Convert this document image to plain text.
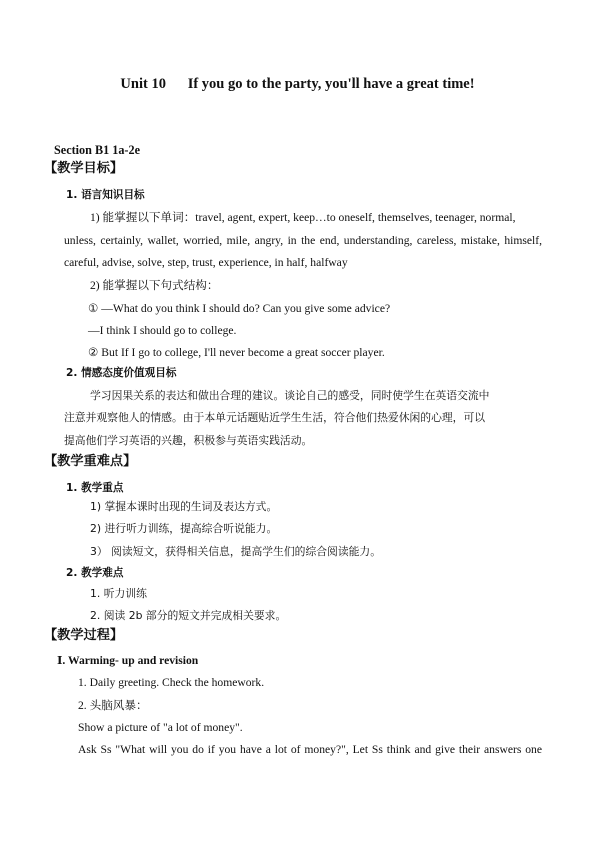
Unit 10      If you go to the party, you'll have a great time!
Section B1 1a-2e
【教学目标】
1. 语言知识目标
1) 能掌握以下单词：travel, agent, expert, keep…to oneself, themselves, teenager, normal,
unless, certainly, wallet, worried, mile, angry, in the end, understanding, careless, mistake, himself,
careful, advise, solve, step, trust, experience, in half, halfway
2) 能掌握以下句式结构：
① —What do you think I should do? Can you give some advice?
—I think I should go to college.
② But If I go to college, I'll never become a great soccer player.
2. 情感态度价值观目标
学习因果关系的表达和做出合理的建议。谈论自己的感受，同时使学生在英语交流中
注意并观察他人的情感。由于本单元话题贴近学生生活，符合他们热爱休闲的心理，可以
提高他们学习英语的兴趣，积极参与英语实践活动。
【教学重难点】
1. 教学重点
1) 掌握本课时出现的生词及表达方式。
2) 进行听力训练，提高综合听说能力。
3） 阅读短文，获得相关信息，提高学生们的综合阅读能力。
2. 教学难点
1. 听力训练
2. 阅读 2b 部分的短文并完成相关要求。
【教学过程】
Ⅰ. Warming- up and revision
1. Daily greeting. Check the homework.
2. 头脑风暴：
Show a picture of "a lot of money".
Ask Ss "What will you do if you have a lot of money?", Let Ss think and give their answers one
